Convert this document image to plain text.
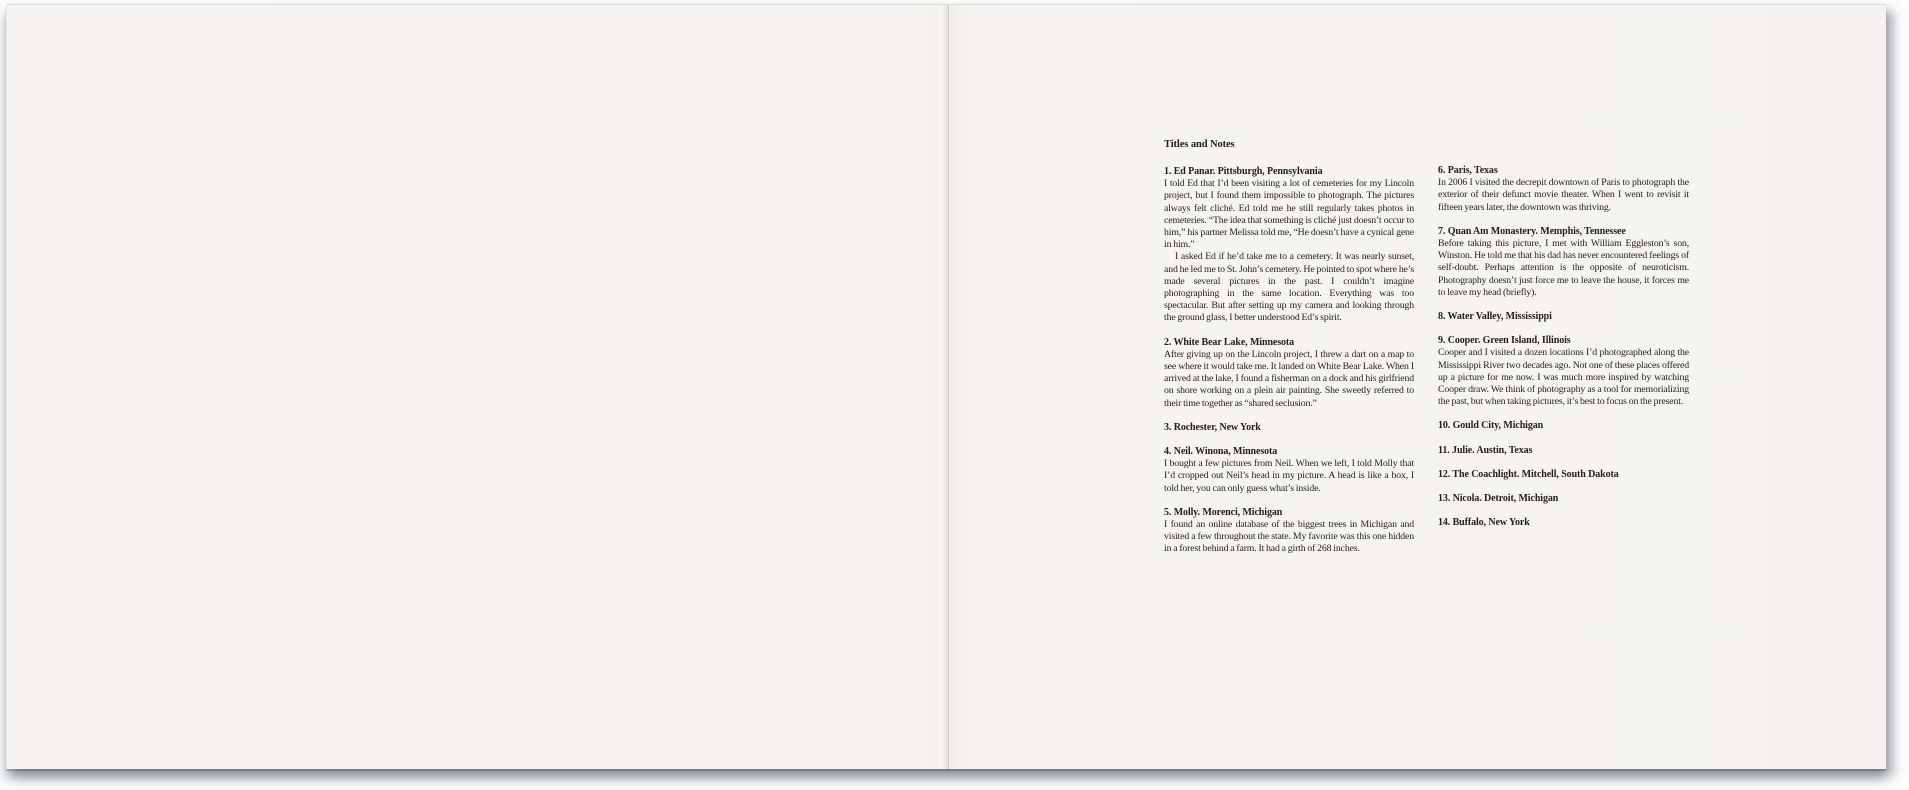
Titles and Notes

1. Ed Panar. Pittsburgh, Pennsylvania

I told Ed that I’d been visiting a lot of cemeteries for my Lincoln project, but I found them impossible to photograph. The pictures always felt cliché. Ed told me he still regularly takes photos in cemeteries. “The idea that something is cliché just doesn’t occur to him,” his partner Melissa told me, “He doesn’t have a cynical gene in him.”

I asked Ed if he’d take me to a cemetery. It was nearly sunset, and he led me to St. John’s cemetery. He pointed to spot where he’s made several pictures in the past. I couldn’t imagine photographing in the same location. Everything was too spectacular. But after setting up my camera and looking through the ground glass, I better understood Ed’s spirit.

2. White Bear Lake, Minnesota

After giving up on the Lincoln project, I threw a dart on a map to see where it would take me. It landed on White Bear Lake. When I arrived at the lake, I found a fisherman on a dock and his girlfriend on shore working on a plein air painting. She sweetly referred to their time together as “shared seclusion.”

3. Rochester, New York

4. Neil. Winona, Minnesota

I bought a few pictures from Neil. When we left, I told Molly that I’d cropped out Neil’s head in my picture. A head is like a box, I told her, you can only guess what’s inside.

5. Molly. Morenci, Michigan

I found an online database of the biggest trees in Michigan and visited a few throughout the state. My favorite was this one hidden in a forest behind a farm. It had a girth of 268 inches.

6. Paris, Texas

In 2006 I visited the decrepit downtown of Paris to photograph the exterior of their defunct movie theater. When I went to revisit it fifteen years later, the downtown was thriving.

7. Quan Am Monastery. Memphis, Tennessee

Before taking this picture, I met with William Eggleston’s son, Winston. He told me that his dad has never encountered feelings of self-doubt. Perhaps attention is the opposite of neuroticism. Photography doesn’t just force me to leave the house, it forces me to leave my head (briefly).

8. Water Valley, Mississippi

9. Cooper. Green Island, Illinois

Cooper and I visited a dozen locations I’d photographed along the Mississippi River two decades ago. Not one of these places offered up a picture for me now. I was much more inspired by watching Cooper draw. We think of photography as a tool for memorializing the past, but when taking pictures, it’s best to focus on the present.

10. Gould City, Michigan

11. Julie. Austin, Texas

12. The Coachlight. Mitchell, South Dakota

13. Nicola. Detroit, Michigan

14. Buffalo, New York
